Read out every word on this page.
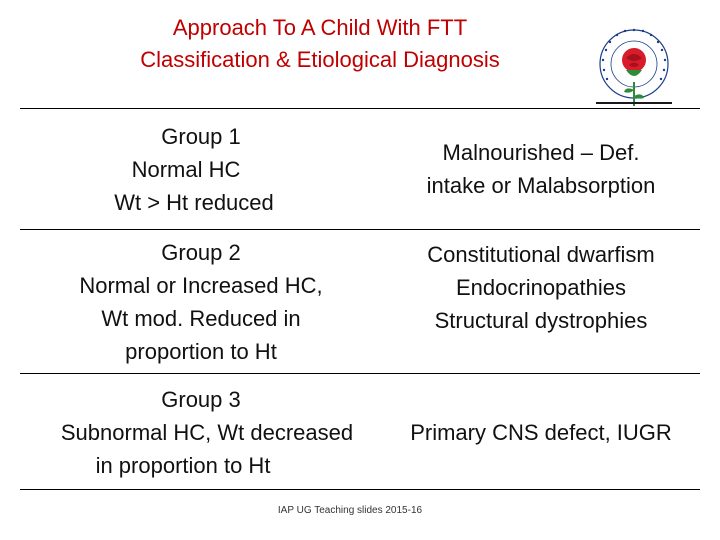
Approach To A Child With FTT
Classification & Etiological Diagnosis
Group 1
Normal HC
Wt > Ht reduced
Malnourished – Def.
intake or Malabsorption
Group 2
Normal or Increased HC,
Wt mod. Reduced in
proportion to Ht
Constitutional dwarfism
Endocrinopathies
Structural dystrophies
Group 3
Subnormal HC, Wt decreased
in proportion to Ht
Primary CNS defect, IUGR
IAP UG Teaching slides 2015-16
